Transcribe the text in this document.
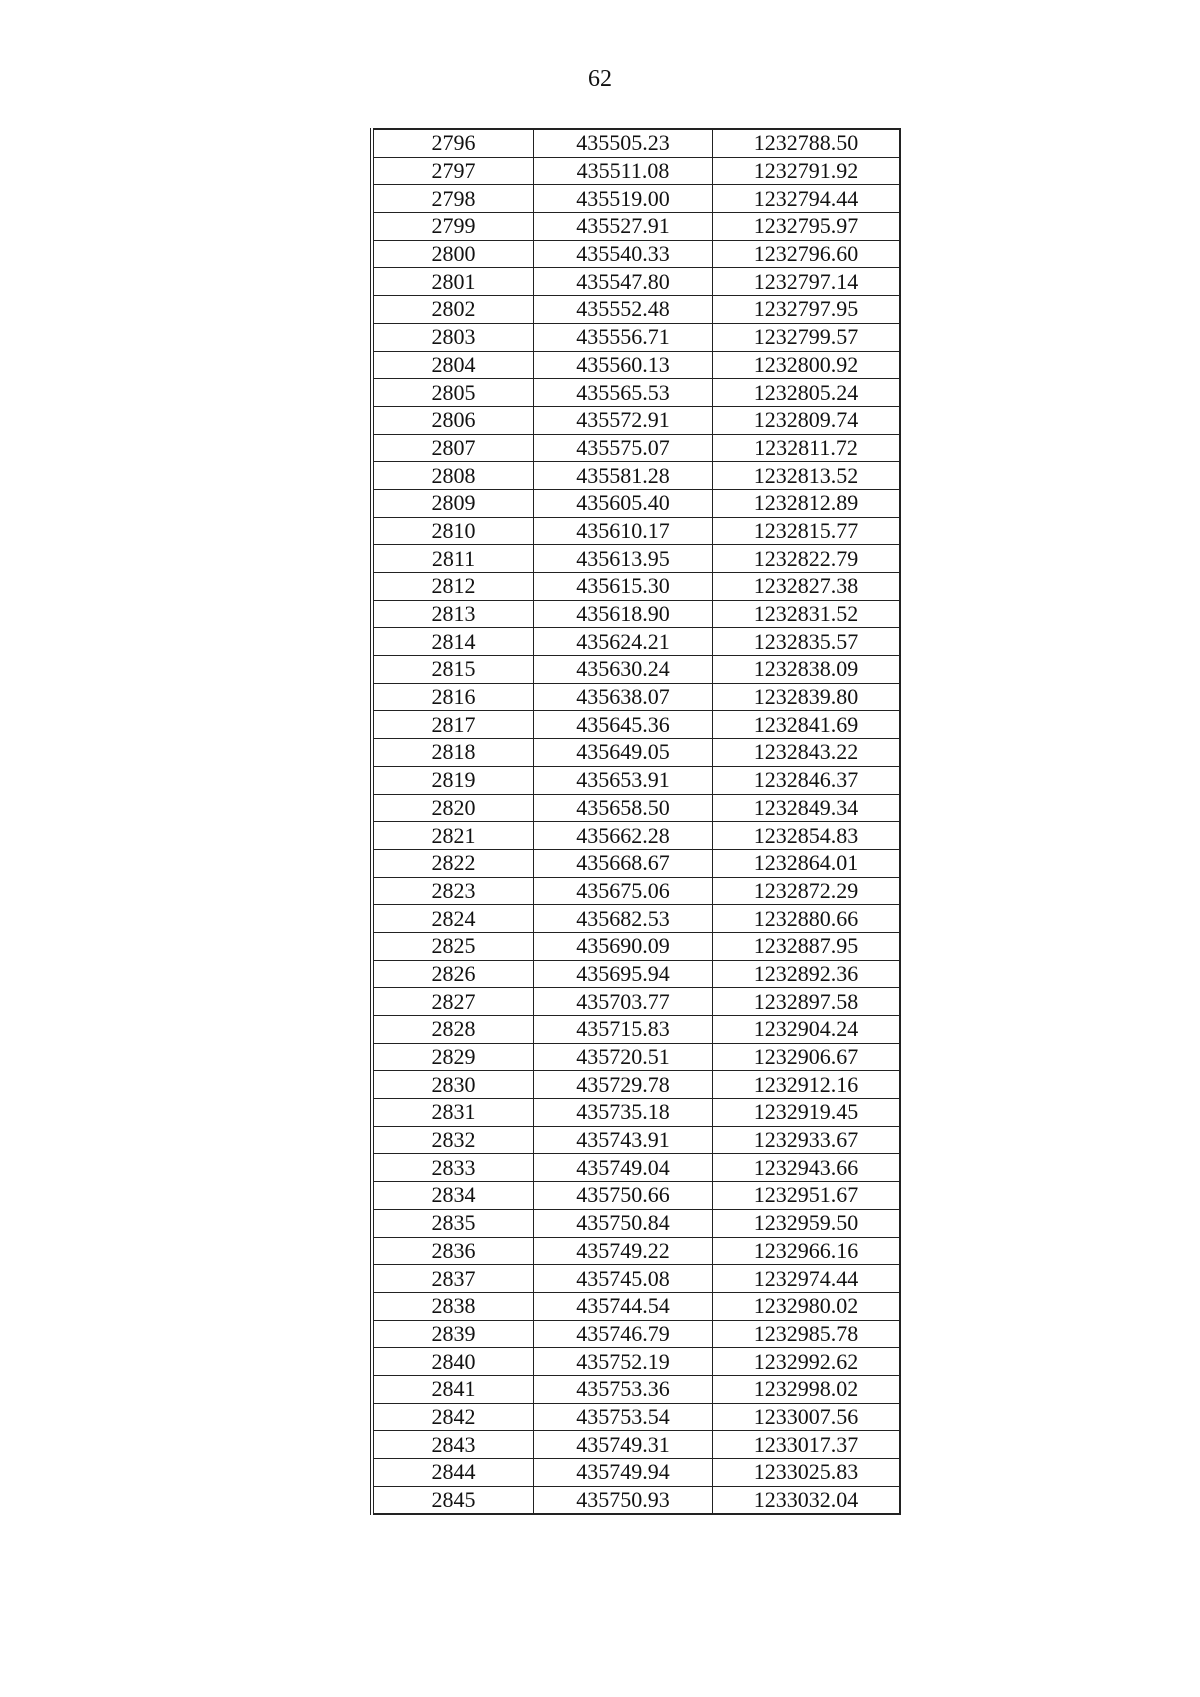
62
2796	435505.23	1232788.50
2797	435511.08	1232791.92
2798	435519.00	1232794.44
2799	435527.91	1232795.97
2800	435540.33	1232796.60
2801	435547.80	1232797.14
2802	435552.48	1232797.95
2803	435556.71	1232799.57
2804	435560.13	1232800.92
2805	435565.53	1232805.24
2806	435572.91	1232809.74
2807	435575.07	1232811.72
2808	435581.28	1232813.52
2809	435605.40	1232812.89
2810	435610.17	1232815.77
2811	435613.95	1232822.79
2812	435615.30	1232827.38
2813	435618.90	1232831.52
2814	435624.21	1232835.57
2815	435630.24	1232838.09
2816	435638.07	1232839.80
2817	435645.36	1232841.69
2818	435649.05	1232843.22
2819	435653.91	1232846.37
2820	435658.50	1232849.34
2821	435662.28	1232854.83
2822	435668.67	1232864.01
2823	435675.06	1232872.29
2824	435682.53	1232880.66
2825	435690.09	1232887.95
2826	435695.94	1232892.36
2827	435703.77	1232897.58
2828	435715.83	1232904.24
2829	435720.51	1232906.67
2830	435729.78	1232912.16
2831	435735.18	1232919.45
2832	435743.91	1232933.67
2833	435749.04	1232943.66
2834	435750.66	1232951.67
2835	435750.84	1232959.50
2836	435749.22	1232966.16
2837	435745.08	1232974.44
2838	435744.54	1232980.02
2839	435746.79	1232985.78
2840	435752.19	1232992.62
2841	435753.36	1232998.02
2842	435753.54	1233007.56
2843	435749.31	1233017.37
2844	435749.94	1233025.83
2845	435750.93	1233032.04
